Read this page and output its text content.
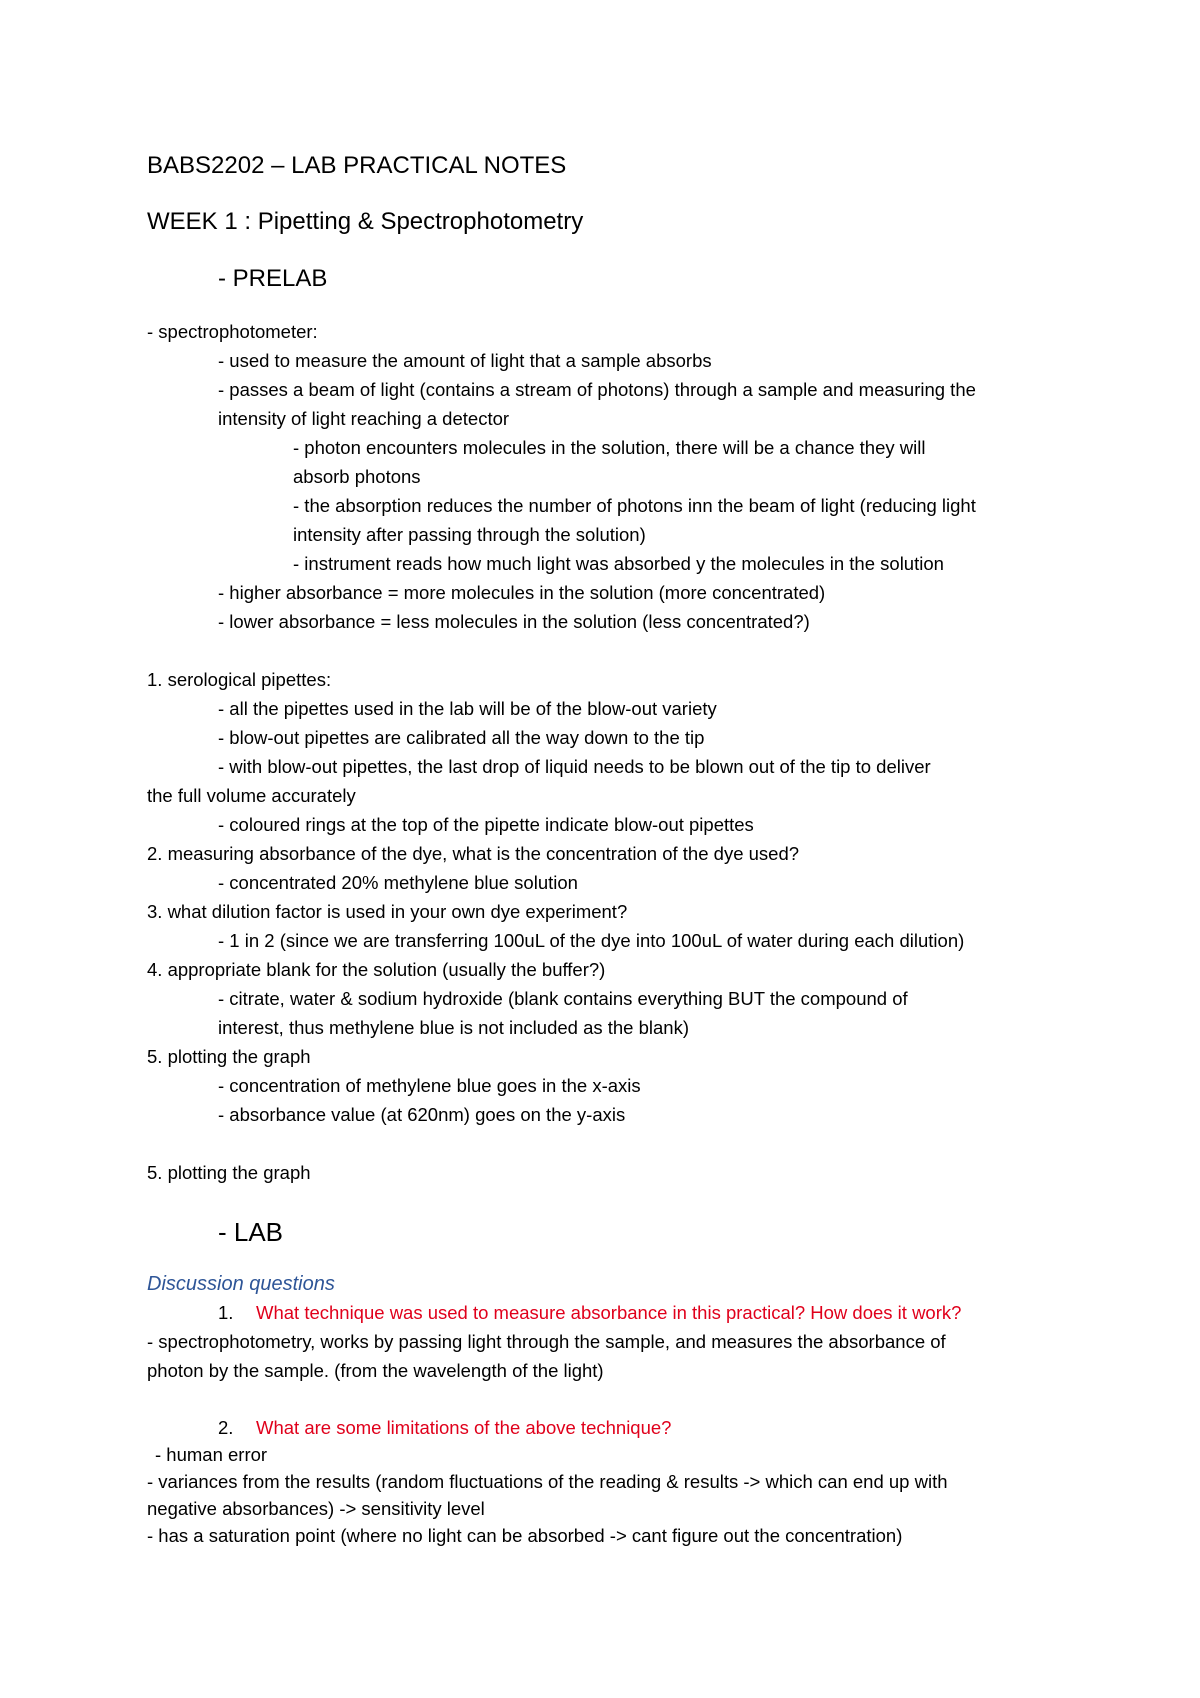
BABS2202 – LAB PRACTICAL NOTES
WEEK 1 : Pipetting & Spectrophotometry
- PRELAB
- spectrophotometer:
- used to measure the amount of light that a sample absorbs
- passes a beam of light (contains a stream of photons) through a sample and measuring the
intensity of light reaching a detector
- photon encounters molecules in the solution, there will be a chance they will
absorb photons
- the absorption reduces the number of photons inn the beam of light (reducing light
intensity after passing through the solution)
- instrument reads how much light was absorbed y the molecules in the solution
- higher absorbance = more molecules in the solution (more concentrated)
- lower absorbance = less molecules in the solution (less concentrated?)
1. serological pipettes:
- all the pipettes used in the lab will be of the blow-out variety
- blow-out pipettes are calibrated all the way down to the tip
- with blow-out pipettes, the last drop of liquid needs to be blown out of the tip to deliver
the full volume accurately
- coloured rings at the top of the pipette indicate blow-out pipettes
2. measuring absorbance of the dye, what is the concentration of the dye used?
- concentrated 20% methylene blue solution
3. what dilution factor is used in your own dye experiment?
- 1 in 2 (since we are transferring 100uL of the dye into 100uL of water during each dilution)
4. appropriate blank for the solution (usually the buffer?)
- citrate, water & sodium hydroxide (blank contains everything BUT the compound of
interest, thus methylene blue is not included as the blank)
5. plotting the graph
- concentration of methylene blue goes in the x-axis
- absorbance value (at 620nm) goes on the y-axis
5. plotting the graph
- LAB
Discussion questions
1. What technique was used to measure absorbance in this practical? How does it work?
- spectrophotometry, works by passing light through the sample, and measures the absorbance of
photon by the sample. (from the wavelength of the light)
2. What are some limitations of the above technique?
- human error
- variances from the results (random fluctuations of the reading & results -> which can end up with
negative absorbances) -> sensitivity level
- has a saturation point (where no light can be absorbed -> cant figure out the concentration)
